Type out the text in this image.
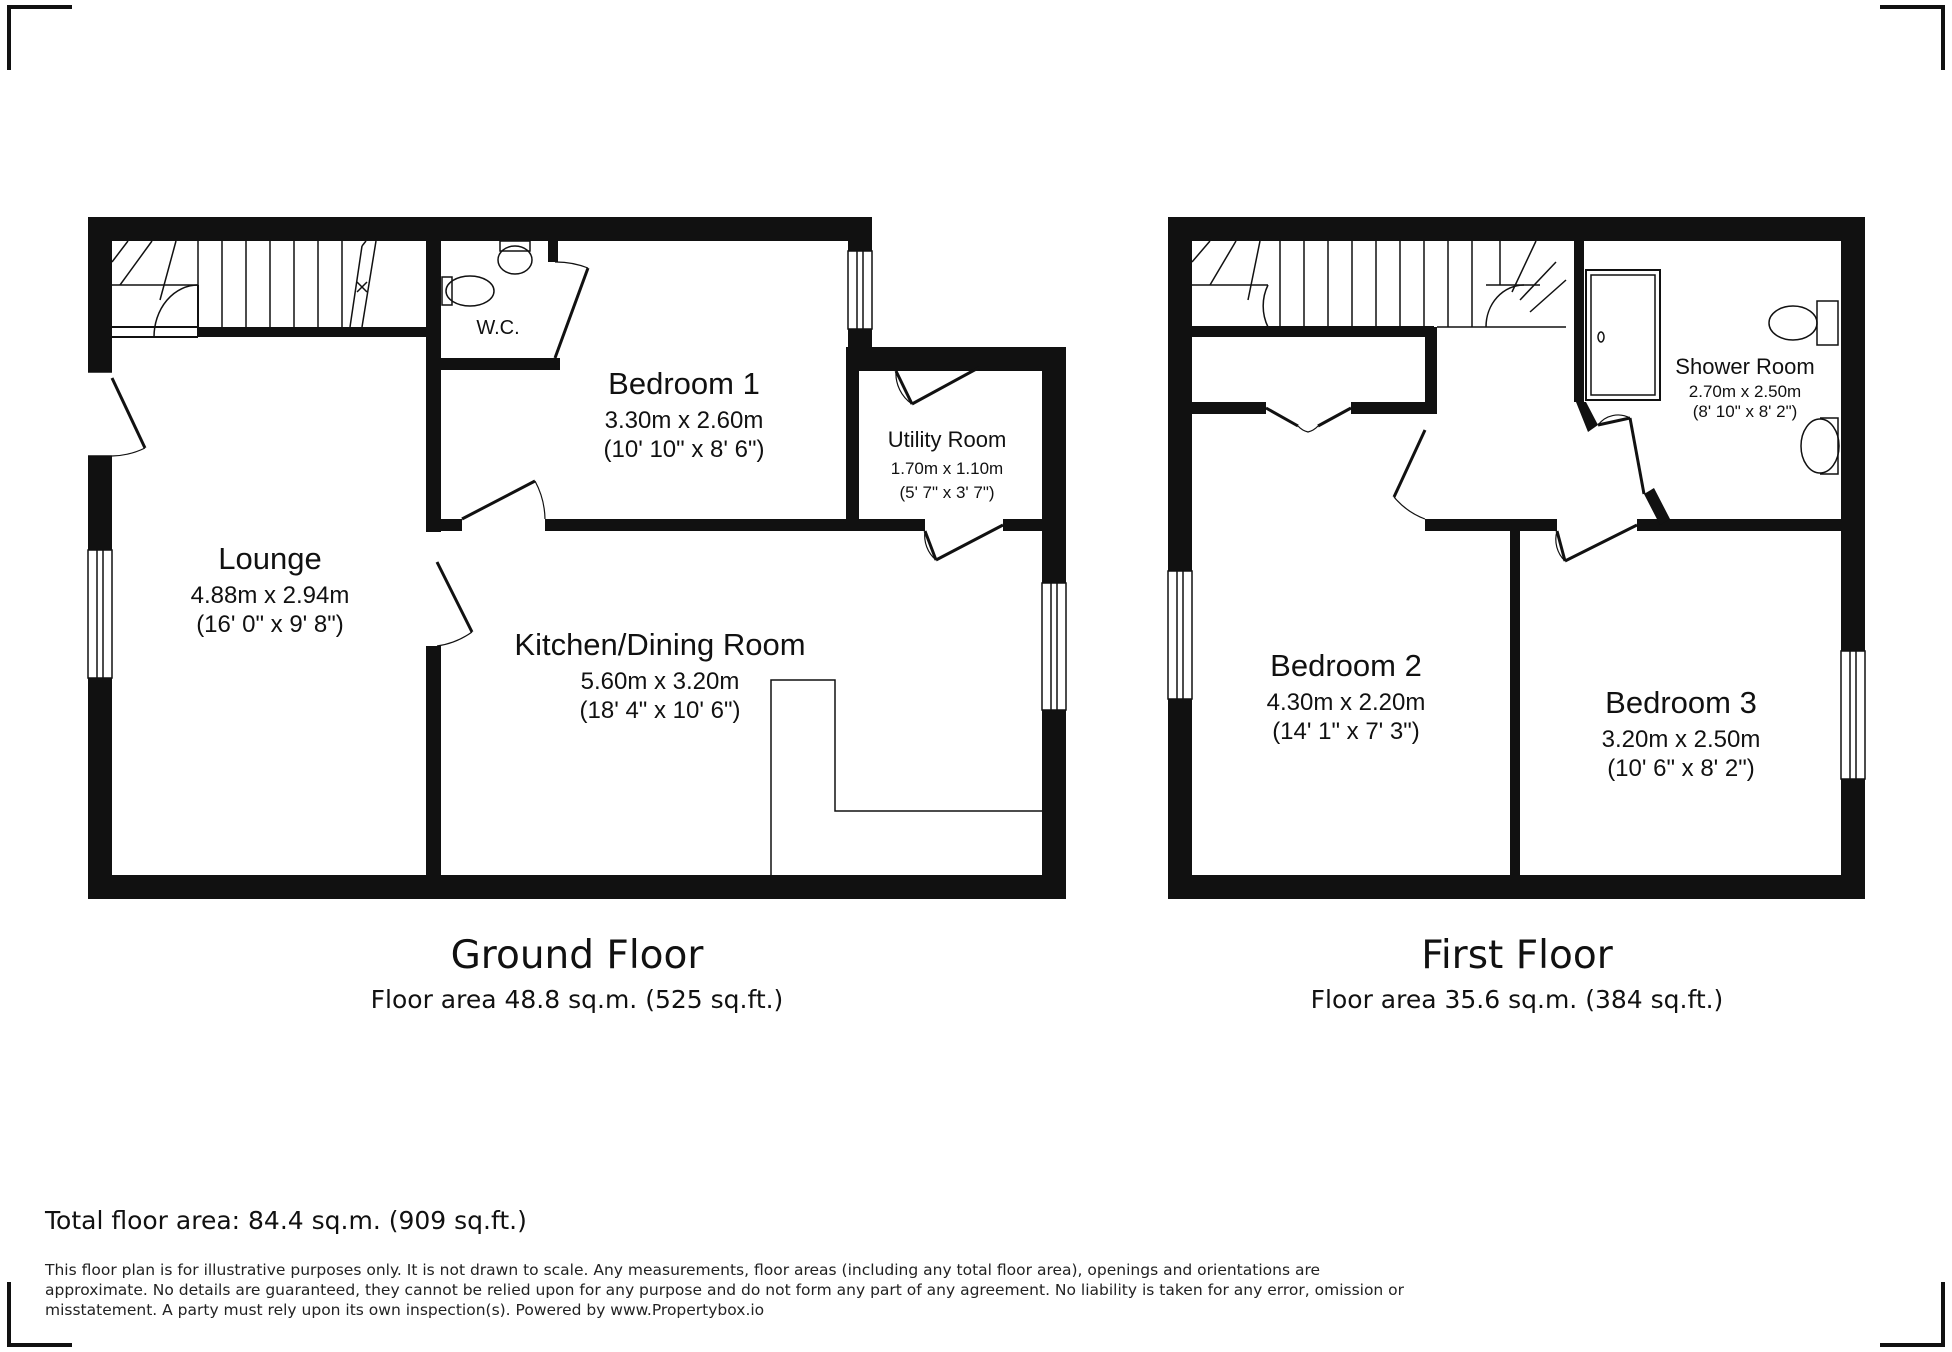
Lounge
4.88m x 2.94m
(16' 0" x 9' 8")
Bedroom 1
3.30m x 2.60m
(10' 10" x 8' 6")
W.C.
Utility Room
1.70m x 1.10m
(5' 7" x 3' 7")
Kitchen/Dining Room
5.60m x 3.20m
(18' 4" x 10' 6")
Ground Floor
Floor area 48.8 sq.m. (525 sq.ft.)
Shower Room
2.70m x 2.50m
(8' 10" x 8' 2")
Bedroom 2
4.30m x 2.20m
(14' 1" x 7' 3")
Bedroom 3
3.20m x 2.50m
(10' 6" x 8' 2")
First Floor
Floor area 35.6 sq.m. (384 sq.ft.)
Total floor area: 84.4 sq.m. (909 sq.ft.)
This floor plan is for illustrative purposes only. It is not drawn to scale. Any measurements, floor areas (including any total floor area), openings and orientations are approximate. No details are guaranteed, they cannot be relied upon for any purpose and do not form any part of any agreement. No liability is taken for any error, omission or misstatement. A party must rely upon its own inspection(s). Powered by www.Propertybox.io
